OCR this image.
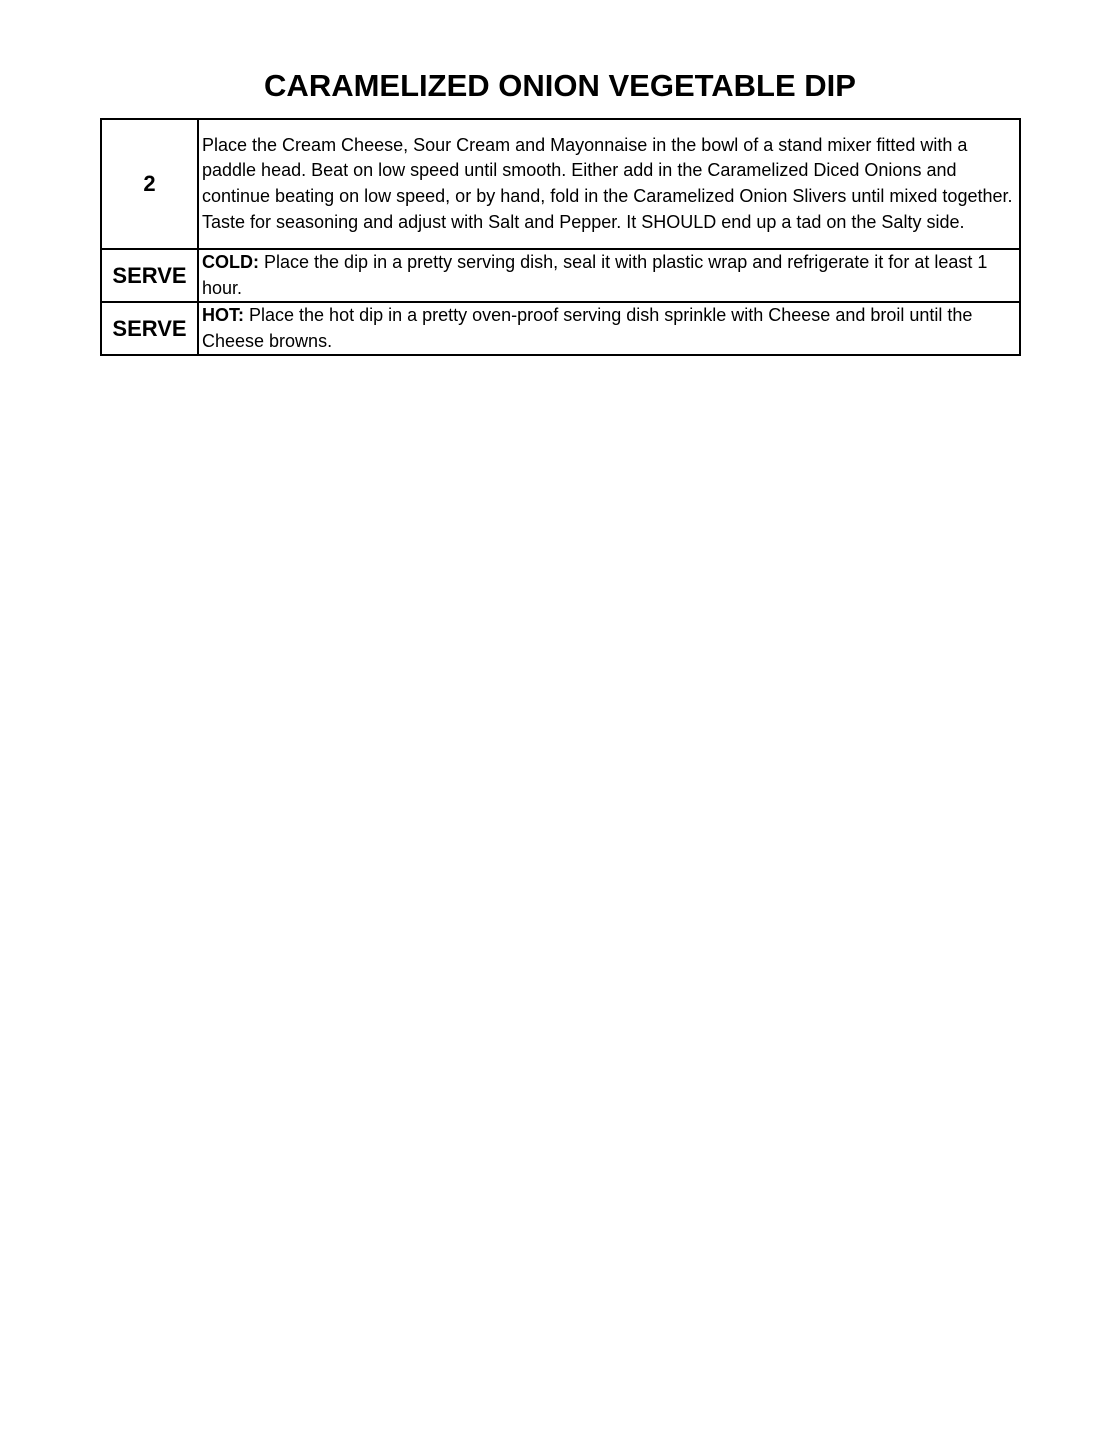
CARAMELIZED ONION VEGETABLE DIP
2	Place the Cream Cheese, Sour Cream and Mayonnaise in the bowl of a stand mixer fitted with a paddle head. Beat on low speed until smooth. Either add in the Caramelized Diced Onions and continue beating on low speed, or by hand, fold in the Caramelized Onion Slivers until mixed together. Taste for seasoning and adjust with Salt and Pepper. It SHOULD end up a tad on the Salty side.
SERVE	COLD: Place the dip in a pretty serving dish, seal it with plastic wrap and refrigerate it for at least 1 hour.
SERVE	HOT: Place the hot dip in a pretty oven-proof serving dish sprinkle with Cheese and broil until the Cheese browns.
